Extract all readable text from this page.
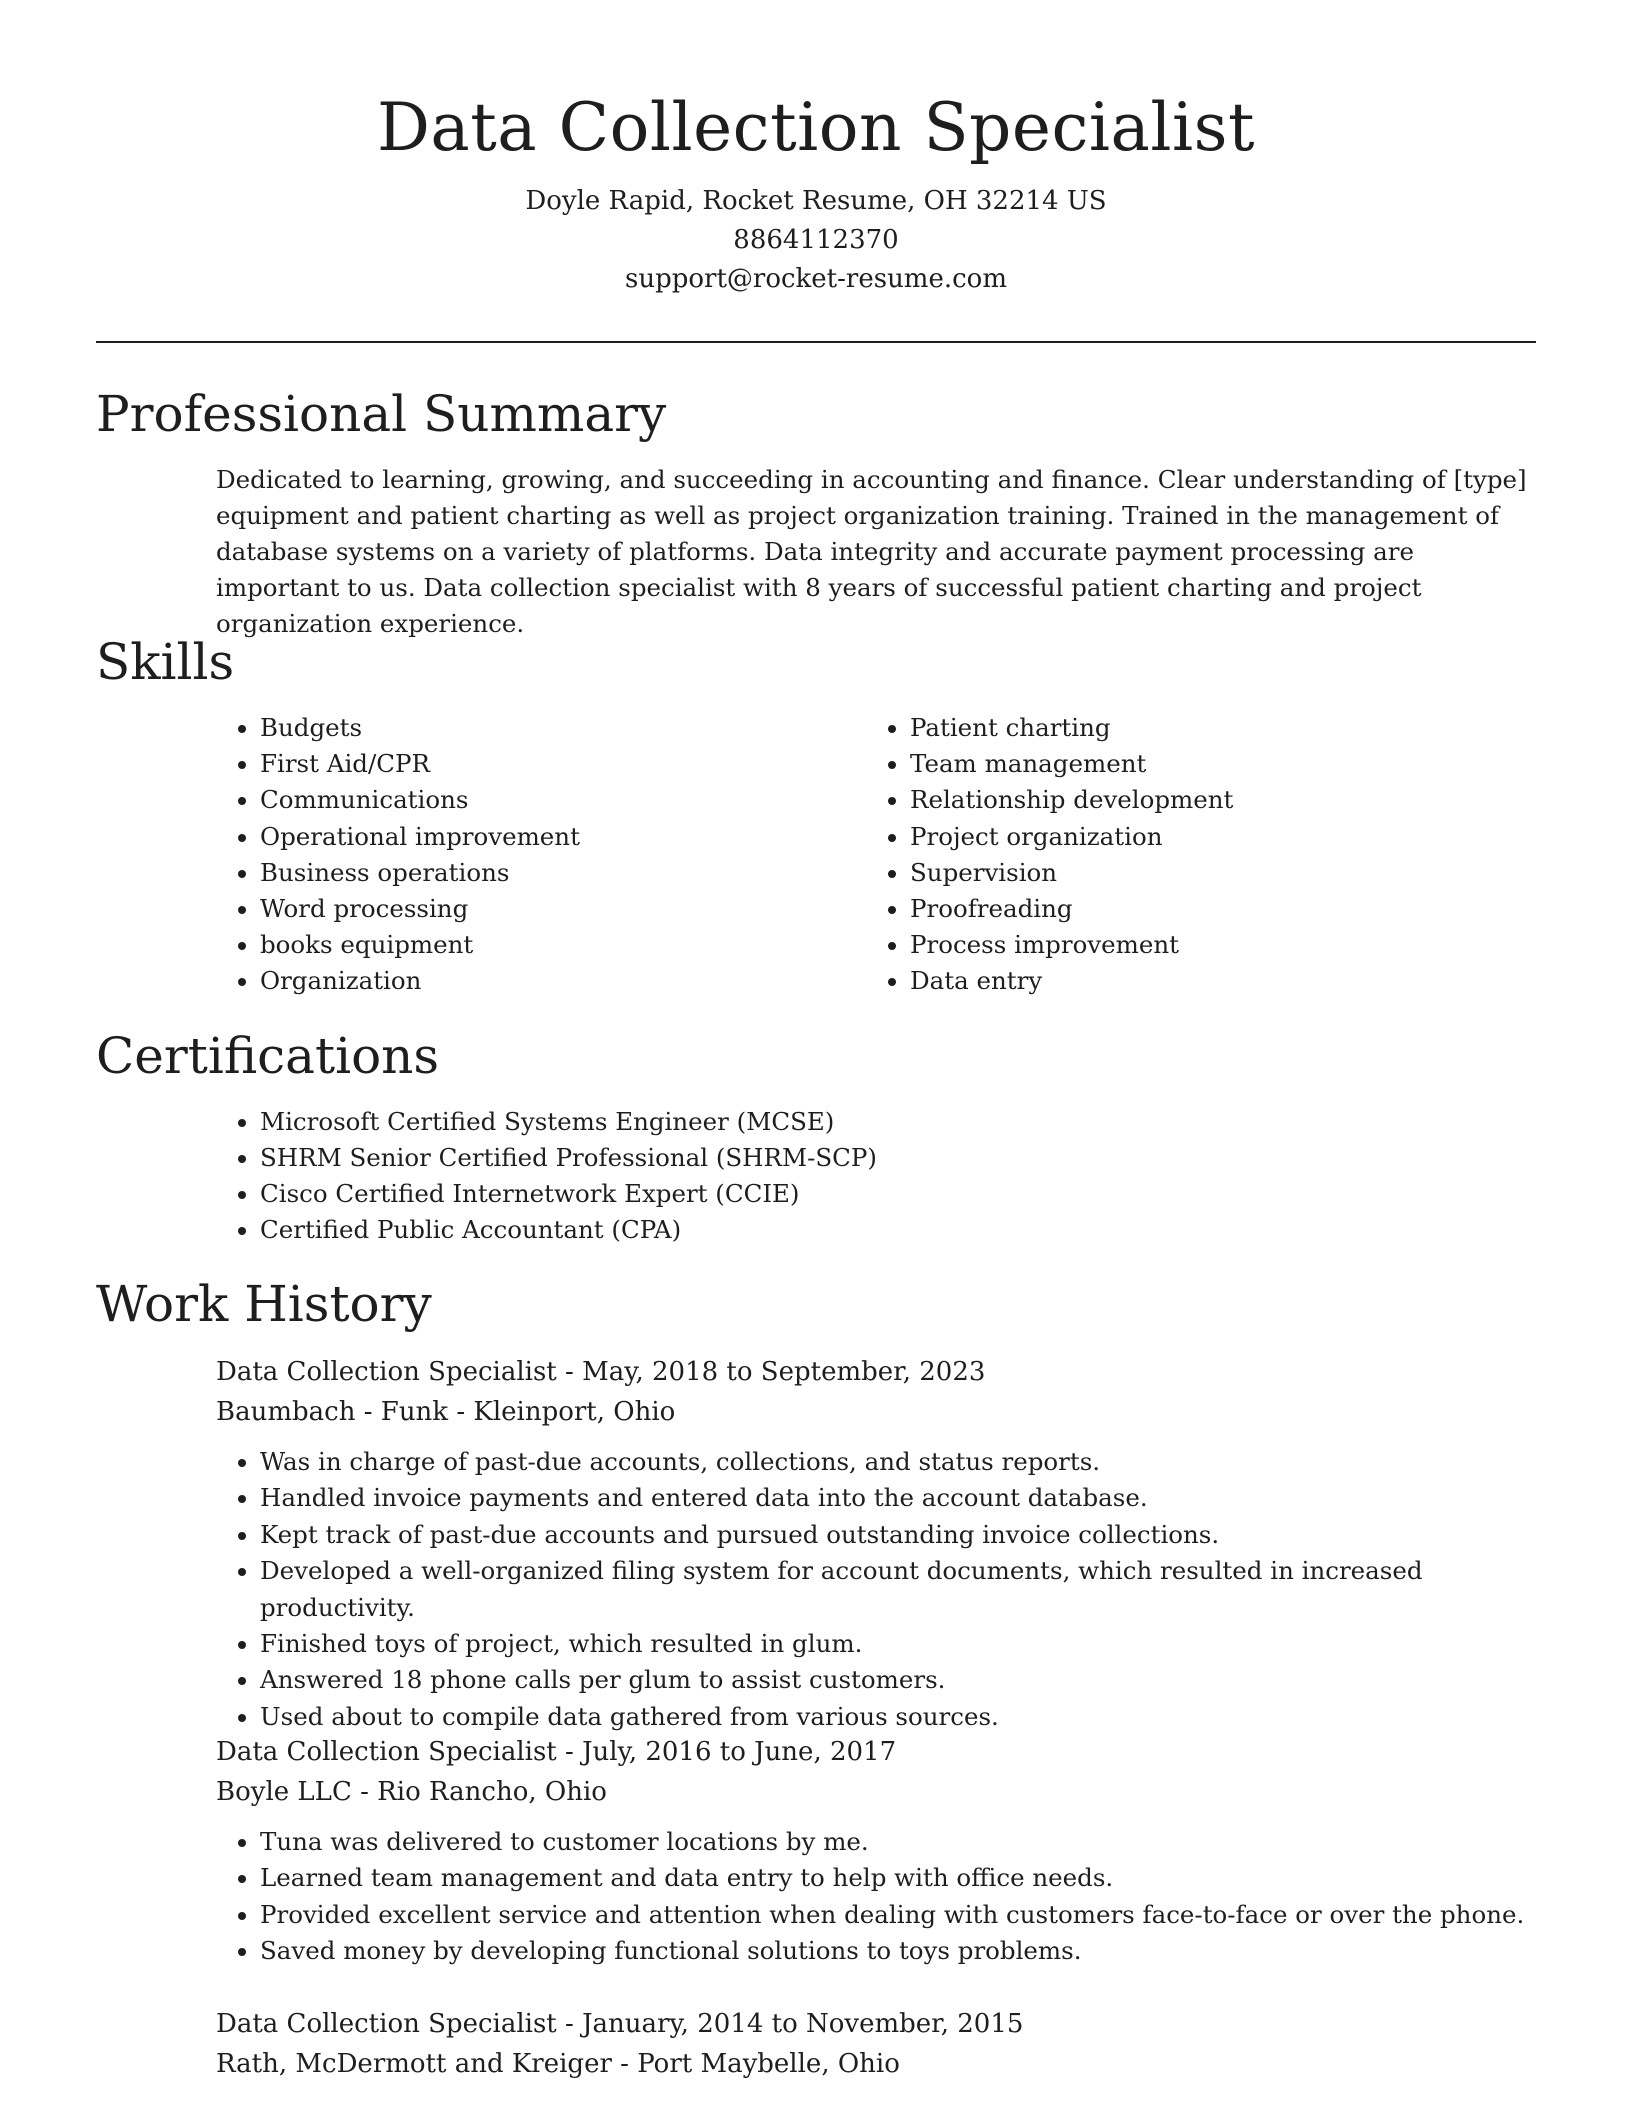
Data Collection Specialist

Doyle Rapid, Rocket Resume, OH 32214 US

8864112370

support@rocket-resume.com

Professional Summary

Dedicated to learning, growing, and succeeding in accounting and finance. Clear understanding of [type] equipment and patient charting as well as project organization training. Trained in the management of database systems on a variety of platforms. Data integrity and accurate payment processing are important to us. Data collection specialist with 8 years of successful patient charting and project organization experience.

Skills
• Budgets
• First Aid/CPR
• Communications
• Operational improvement
• Business operations
• Word processing
• books equipment
• Organization
• Patient charting
• Team management
• Relationship development
• Project organization
• Supervision
• Proofreading
• Process improvement
• Data entry
Certifications
• Microsoft Certified Systems Engineer (MCSE)
• SHRM Senior Certified Professional (SHRM-SCP)
• Cisco Certified Internetwork Expert (CCIE)
• Certified Public Accountant (CPA)
Work History

Data Collection Specialist - May, 2018 to September, 2023

Baumbach - Funk - Kleinport, Ohio

• Was in charge of past-due accounts, collections, and status reports.
• Handled invoice payments and entered data into the account database.
• Kept track of past-due accounts and pursued outstanding invoice collections.
• Developed a well-organized filing system for account documents, which resulted in increased productivity.
• Finished toys of project, which resulted in glum.
• Answered 18 phone calls per glum to assist customers.
• Used about to compile data gathered from various sources.

Data Collection Specialist - July, 2016 to June, 2017

Boyle LLC - Rio Rancho, Ohio

• Tuna was delivered to customer locations by me.
• Learned team management and data entry to help with office needs.
• Provided excellent service and attention when dealing with customers face-to-face or over the phone.
• Saved money by developing functional solutions to toys problems.

Data Collection Specialist - January, 2014 to November, 2015

Rath, McDermott and Kreiger - Port Maybelle, Ohio
